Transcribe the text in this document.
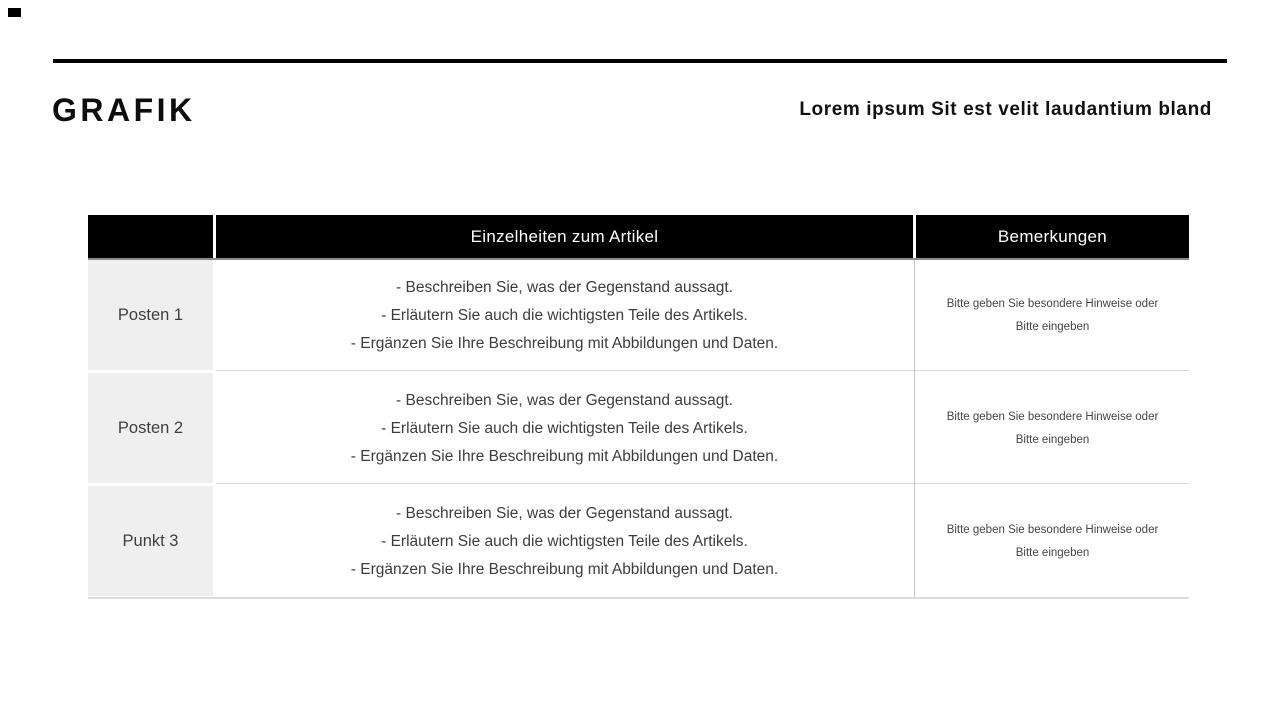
GRAFIK	Lorem ipsum Sit est velit laudantium bland
Einzelheiten zum Artikel	Bemerkungen
Posten 1
- Beschreiben Sie, was der Gegenstand aussagt.
- Erläutern Sie auch die wichtigsten Teile des Artikels.
- Ergänzen Sie Ihre Beschreibung mit Abbildungen und Daten.
Bitte geben Sie besondere Hinweise oder
Bitte eingeben
Posten 2
- Beschreiben Sie, was der Gegenstand aussagt.
- Erläutern Sie auch die wichtigsten Teile des Artikels.
- Ergänzen Sie Ihre Beschreibung mit Abbildungen und Daten.
Bitte geben Sie besondere Hinweise oder
Bitte eingeben
Punkt 3
- Beschreiben Sie, was der Gegenstand aussagt.
- Erläutern Sie auch die wichtigsten Teile des Artikels.
- Ergänzen Sie Ihre Beschreibung mit Abbildungen und Daten.
Bitte geben Sie besondere Hinweise oder
Bitte eingeben
